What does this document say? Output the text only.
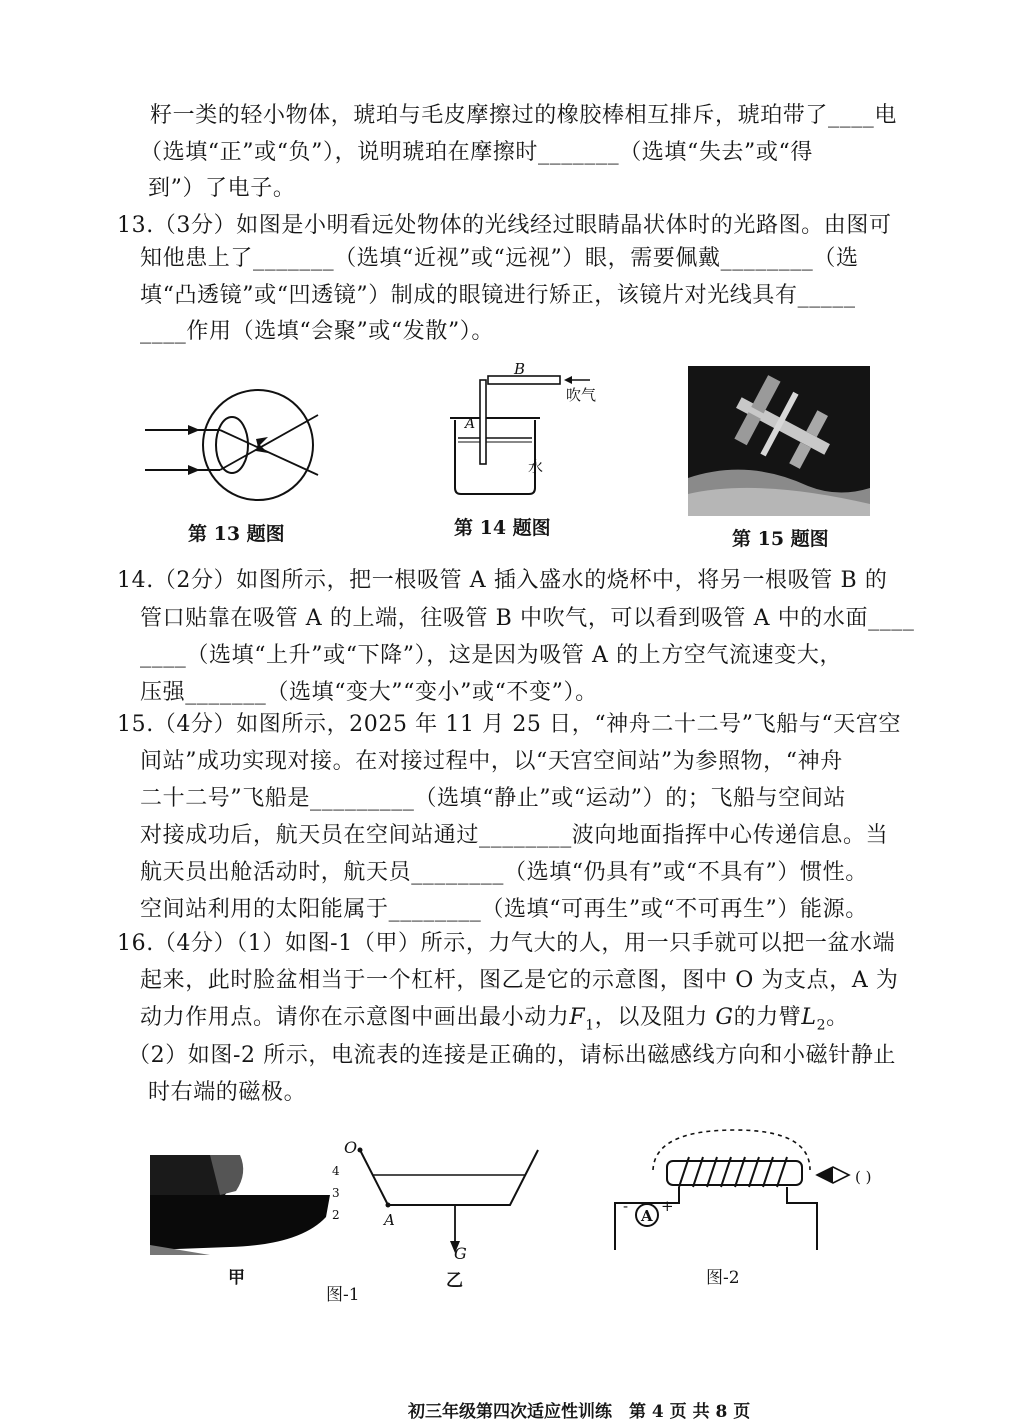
籽一类的轻小物体，琥珀与毛皮摩擦过的橡胶棒相互排斥，琥珀带了____电
（选填“正”或“负”），说明琥珀在摩擦时_______（选填“失去”或“得
到”）了电子。
13.（3分）如图是小明看远处物体的光线经过眼睛晶状体时的光路图。由图可
知他患上了_______（选填“近视”或“远视”）眼，需要佩戴________（选
填“凸透镜”或“凹透镜”）制成的眼镜进行矫正，该镜片对光线具有_____
____作用（选填“会聚”或“发散”）。
第 13 题图
B
A
吹气
水
第 14 题图	第 15 题图
14.（2分）如图所示，把一根吸管 A 插入盛水的烧杯中，将另一根吸管 B 的
管口贴靠在吸管 A 的上端，往吸管 B 中吹气，可以看到吸管 A 中的水面____
____（选填“上升”或“下降”），这是因为吸管 A 的上方空气流速变大，
压强_______（选填“变大”“变小”或“不变”）。
15.（4分）如图所示，2025 年 11 月 25 日，“神舟二十二号”飞船与“天宫空
间站”成功实现对接。在对接过程中，以“天宫空间站”为参照物，“神舟
二十二号”飞船是_________（选填“静止”或“运动”）的；飞船与空间站
对接成功后，航天员在空间站通过________波向地面指挥中心传递信息。当
航天员出舱活动时，航天员________（选填“仍具有”或“不具有”）惯性。
空间站利用的太阳能属于________（选填“可再生”或“不可再生”）能源。
16.（4分）（1）如图-1（甲）所示，力气大的人，用一只手就可以把一盆水端
起来，此时脸盆相当于一个杠杆，图乙是它的示意图，图中 O 为支点，A 为
动力作用点。请你在示意图中画出最小动力$F_1$，以及阻力 G的力臂$L_2$。
（2）如图-2 所示，电流表的连接是正确的，请标出磁感线方向和小磁针静止
时右端的磁极。
4
3
2
甲
O
A
G
乙
图-1
( )
A
- +
图-2
初三年级第四次适应性训练　第 4 页 共 8 页
